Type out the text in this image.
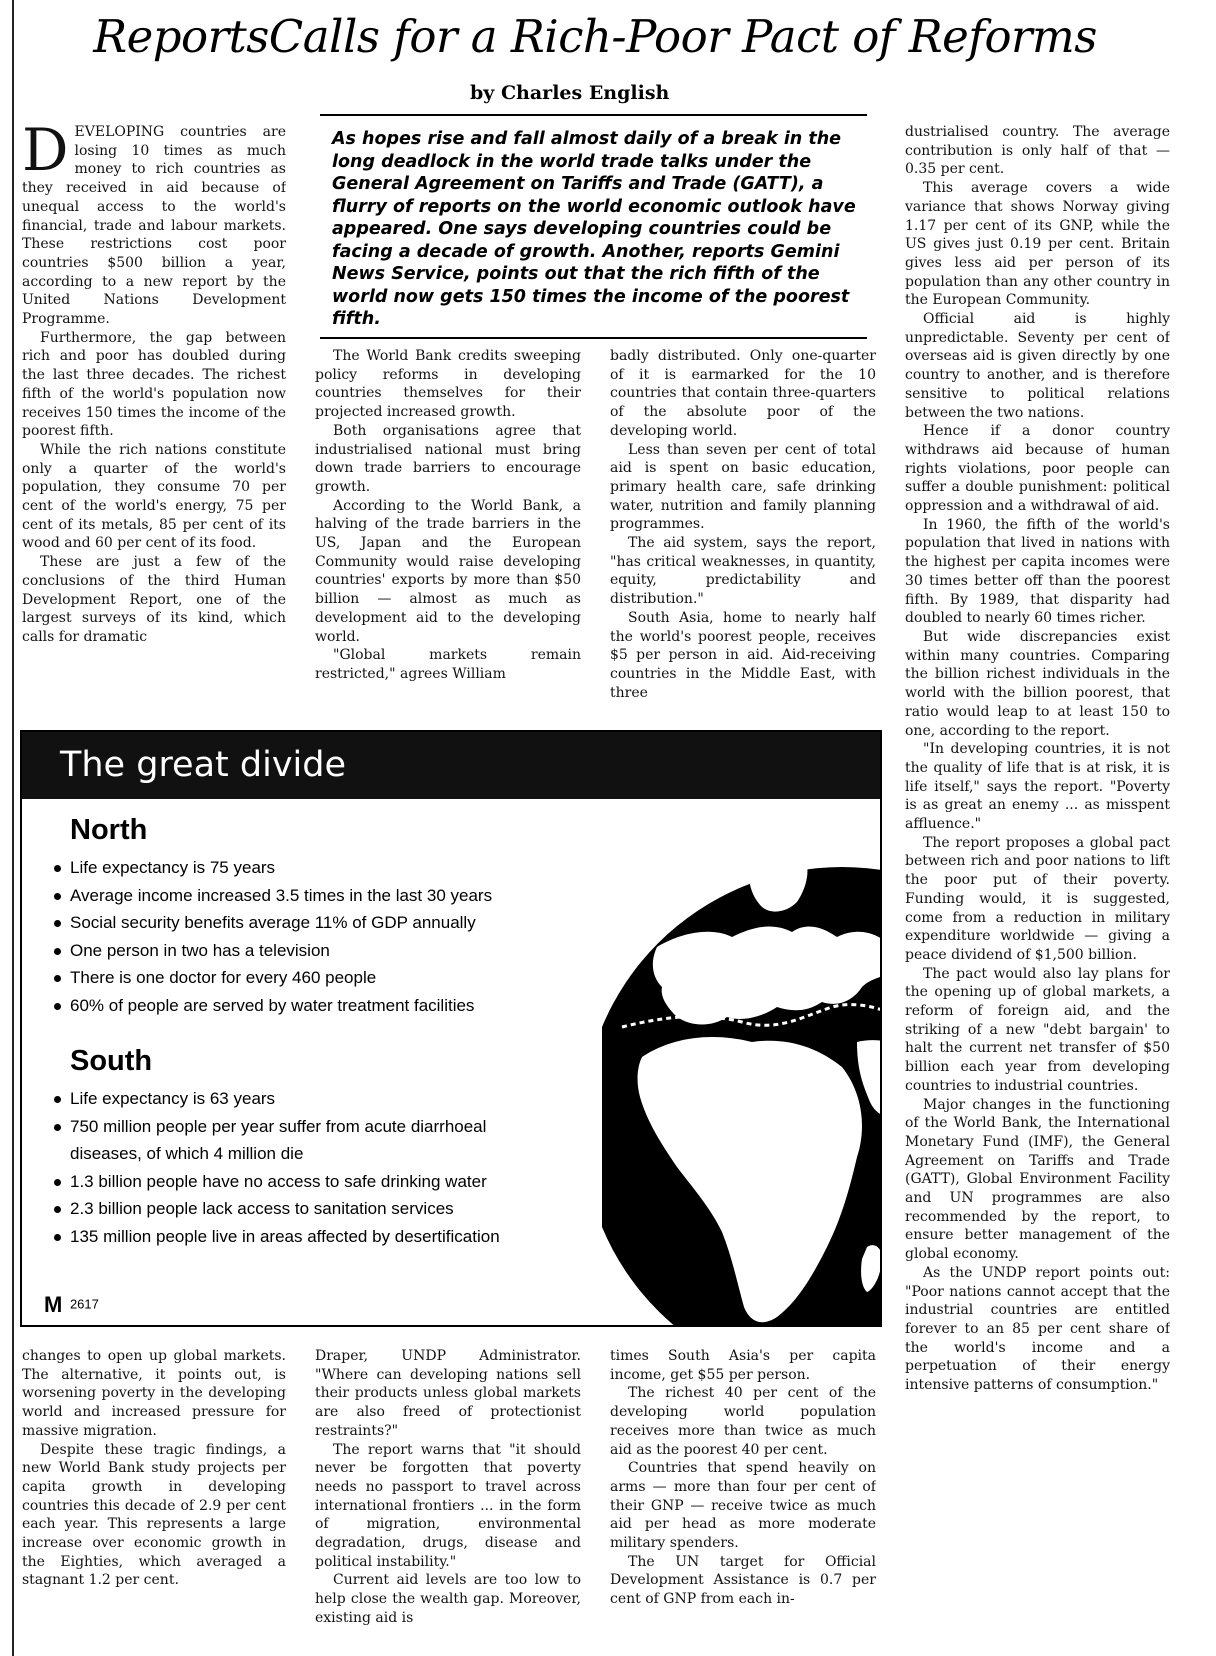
ReportsCalls for a Rich-Poor Pact of Reforms
by Charles English

DEVELOPING countries are losing 10 times as much money to rich countries as they received in aid because of unequal access to the world's financial, trade and labour markets. These restrictions cost poor countries $500 billion a year, according to a new report by the United Nations Development Programme.

Furthermore, the gap between rich and poor has doubled during the last three decades. The richest fifth of the world's population now receives 150 times the income of the poorest fifth.

While the rich nations constitute only a quarter of the world's population, they consume 70 per cent of the world's energy, 75 per cent of its metals, 85 per cent of its wood and 60 per cent of its food.

These are just a few of the conclusions of the third Human Development Report, one of the largest surveys of its kind, which calls for dramatic

As hopes rise and fall almost daily of a break in the long deadlock in the world trade talks under the General Agreement on Tariffs and Trade (GATT), a flurry of reports on the world economic outlook have appeared. One says developing countries could be facing a decade of growth. Another, reports Gemini News Service, points out that the rich fifth of the world now gets 150 times the income of the poorest fifth.

The World Bank credits sweeping policy reforms in developing countries themselves for their projected increased growth.

Both organisations agree that industrialised national must bring down trade barriers to encourage growth.

According to the World Bank, a halving of the trade barriers in the US, Japan and the European Community would raise developing countries' exports by more than $50 billion — almost as much as development aid to the developing world.

"Global markets remain restricted," agrees William

badly distributed. Only one-quarter of it is earmarked for the 10 countries that contain three-quarters of the absolute poor of the developing world.

Less than seven per cent of total aid is spent on basic education, primary health care, safe drinking water, nutrition and family planning programmes.

The aid system, says the report, "has critical weaknesses, in quantity, equity, predictability and distribution."

South Asia, home to nearly half the world's poorest people, receives $5 per person in aid. Aid-receiving countries in the Middle East, with three

dustrialised country. The average contribution is only half of that — 0.35 per cent.

This average covers a wide variance that shows Norway giving 1.17 per cent of its GNP, while the US gives just 0.19 per cent. Britain gives less aid per person of its population than any other country in the European Community.

Official aid is highly unpredictable. Seventy per cent of overseas aid is given directly by one country to another, and is therefore sensitive to political relations between the two nations.

Hence if a donor country withdraws aid because of human rights violations, poor people can suffer a double punishment: political oppression and a withdrawal of aid.

In 1960, the fifth of the world's population that lived in nations with the highest per capita incomes were 30 times better off than the poorest fifth. By 1989, that disparity had doubled to nearly 60 times richer.

But wide discrepancies exist within many countries. Comparing the billion richest individuals in the world with the billion poorest, that ratio would leap to at least 150 to one, according to the report.

"In developing countries, it is not the quality of life that is at risk, it is life itself," says the report. "Poverty is as great an enemy ... as misspent affluence."

The report proposes a global pact between rich and poor nations to lift the poor put of their poverty. Funding would, it is suggested, come from a reduction in military expenditure worldwide — giving a peace dividend of $1,500 billion.

The pact would also lay plans for the opening up of global markets, a reform of foreign aid, and the striking of a new "debt bargain' to halt the current net transfer of $50 billion each year from developing countries to industrial countries.

Major changes in the functioning of the World Bank, the International Monetary Fund (IMF), the General Agreement on Tariffs and Trade (GATT), Global Environment Facility and UN programmes are also recommended by the report, to ensure better management of the global economy.

As the UNDP report points out: "Poor nations cannot accept that the industrial countries are entitled forever to an 85 per cent share of the world's income and a perpetuation of their energy intensive patterns of consumption."

The great divide
North
Life expectancy is 75 years
Average income increased 3.5 times in the last 30 years
Social security benefits average 11% of GDP annually
One person in two has a television
There is one doctor for every 460 people
60% of people are served by water treatment facilities
South
Life expectancy is 63 years
750 million people per year suffer from acute diarrhoeal diseases, of which 4 million die
1.3 billion people have no access to safe drinking water
2.3 billion people lack access to sanitation services
135 million people live in areas affected by desertification
M 2617

changes to open up global markets. The alternative, it points out, is worsening poverty in the developing world and increased pressure for massive migration.

Despite these tragic findings, a new World Bank study projects per capita growth in developing countries this decade of 2.9 per cent each year. This represents a large increase over economic growth in the Eighties, which averaged a stagnant 1.2 per cent.

Draper, UNDP Administrator. "Where can developing nations sell their products unless global markets are also freed of protectionist restraints?"

The report warns that "it should never be forgotten that poverty needs no passport to travel across international frontiers ... in the form of migration, environmental degradation, drugs, disease and political instability."

Current aid levels are too low to help close the wealth gap. Moreover, existing aid is

times South Asia's per capita income, get $55 per person.

The richest 40 per cent of the developing world population receives more than twice as much aid as the poorest 40 per cent.

Countries that spend heavily on arms — more than four per cent of their GNP — receive twice as much aid per head as more moderate military spenders.

The UN target for Official Development Assistance is 0.7 per cent of GNP from each in-
